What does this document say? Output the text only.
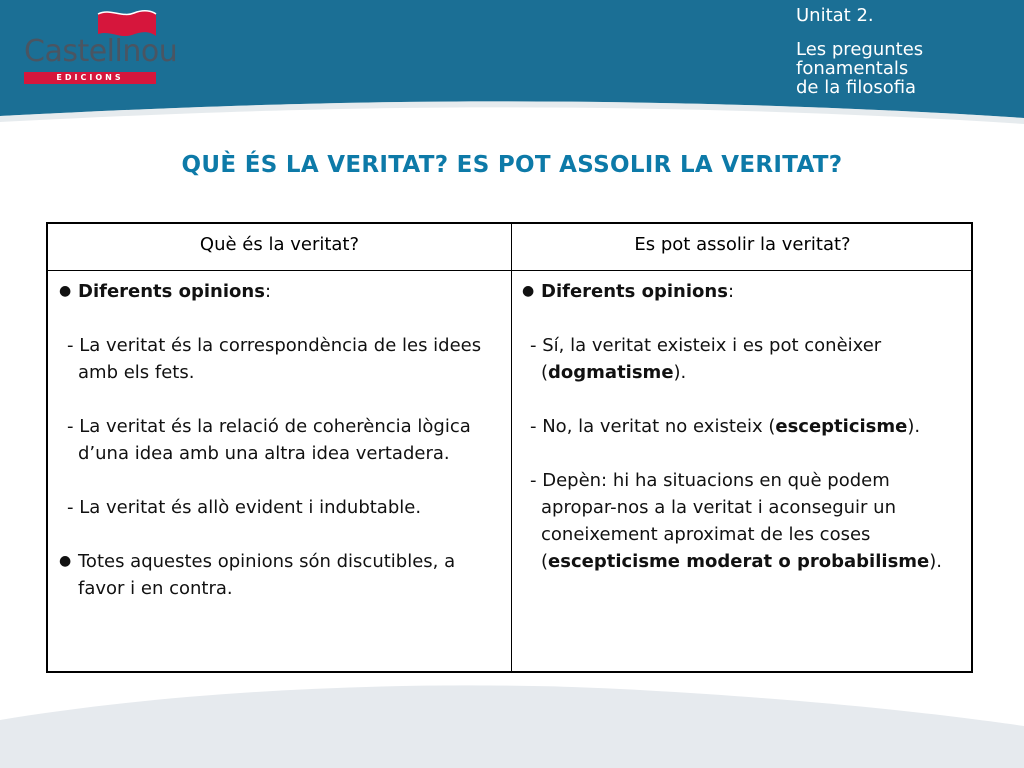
Castellnou
EDICIONS
Unitat 2.
Les preguntes
fonamentals
de la filosofia
QUÈ ÉS LA VERITAT? ES POT ASSOLIR LA VERITAT?
Què és la veritat?	Es pot assolir la veritat?
● Diferents opinions:
- La veritat és la correspondència de les idees amb els fets.
- La veritat és la relació de coherència lògica d’una idea amb una altra idea vertadera.
- La veritat és allò evident i indubtable.
● Totes aquestes opinions són discutibles, a favor i en contra.
● Diferents opinions:
- Sí, la veritat existeix i es pot conèixer (dogmatisme).
- No, la veritat no existeix (escepticisme).
- Depèn: hi ha situacions en què podem apropar-nos a la veritat i aconseguir un coneixement aproximat de les coses (escepticisme moderat o probabilisme).
